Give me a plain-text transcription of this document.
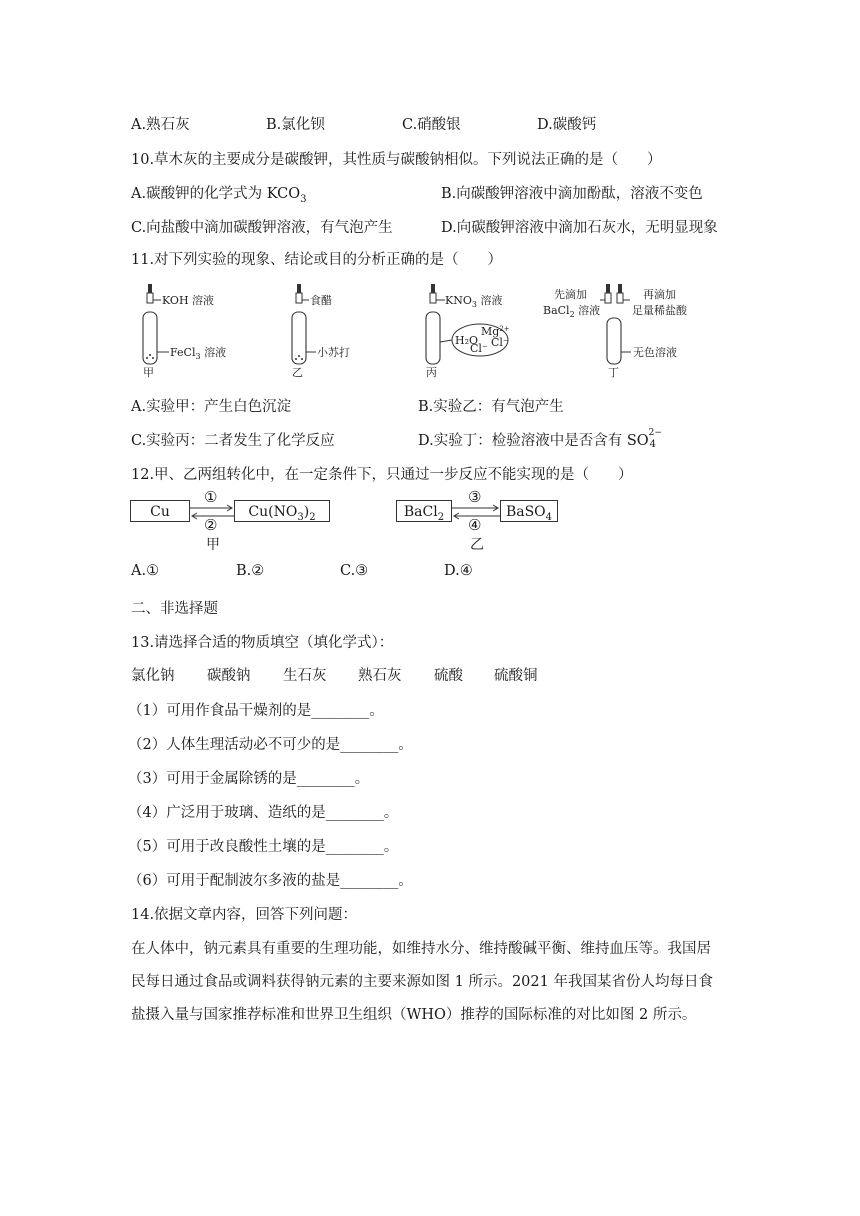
A.熟石灰	B.氯化钡	C.硝酸银	D.碳酸钙
10.草木灰的主要成分是碳酸钾，其性质与碳酸钠相似。下列说法正确的是（　　）
A.碳酸钾的化学式为 $KCO_3$	B.向碳酸钾溶液中滴加酚酞，溶液不变色
C.向盐酸中滴加碳酸钾溶液，有气泡产生	D.向碳酸钾溶液中滴加石灰水，无明显现象
11.对下列实验的现象、结论或目的分析正确的是（　　）
KOH 溶液
FeCl$_3$ 溶液
甲
食醋
小苏打
乙
$KNO_3$ 溶液
H₂O
$Mg^{2+}$
Cl⁻ Cl⁻
丙
先滴加
BaCl$_2$ 溶液
再滴加
足量稀盐酸
无色溶液
丁
A.实验甲：产生白色沉淀	B.实验乙：有气泡产生
C.实验丙：二者发生了化学反应	D.实验丁：检验溶液中是否含有 SO 2−
4
12.甲、乙两组转化中，在一定条件下，只通过一步反应不能实现的是（　　）
Cu	$Cu(NO_3)_2$	BaCl$_2$	BaSO$_4$
①
②
甲
③
④
乙
A.①	B.②	C.③	D.④
二、非选择题
13.请选择合适的物质填空（填化学式）：
氯化钠 碳酸钠 生石灰 熟石灰 硫酸 硫酸铜
（1）可用作食品干燥剂的是________。
（2）人体生理活动必不可少的是________。
（3）可用于金属除锈的是________。
（4）广泛用于玻璃、造纸的是________。
（5）可用于改良酸性土壤的是________。
（6）可用于配制波尔多液的盐是________。
14.依据文章内容，回答下列问题：
在人体中，钠元素具有重要的生理功能，如维持水分、维持酸碱平衡、维持血压等。我国居
民每日通过食品或调料获得钠元素的主要来源如图 1 所示。2021 年我国某省份人均每日食
盐摄入量与国家推荐标准和世界卫生组织（WHO）推荐的国际标准的对比如图 2 所示。
